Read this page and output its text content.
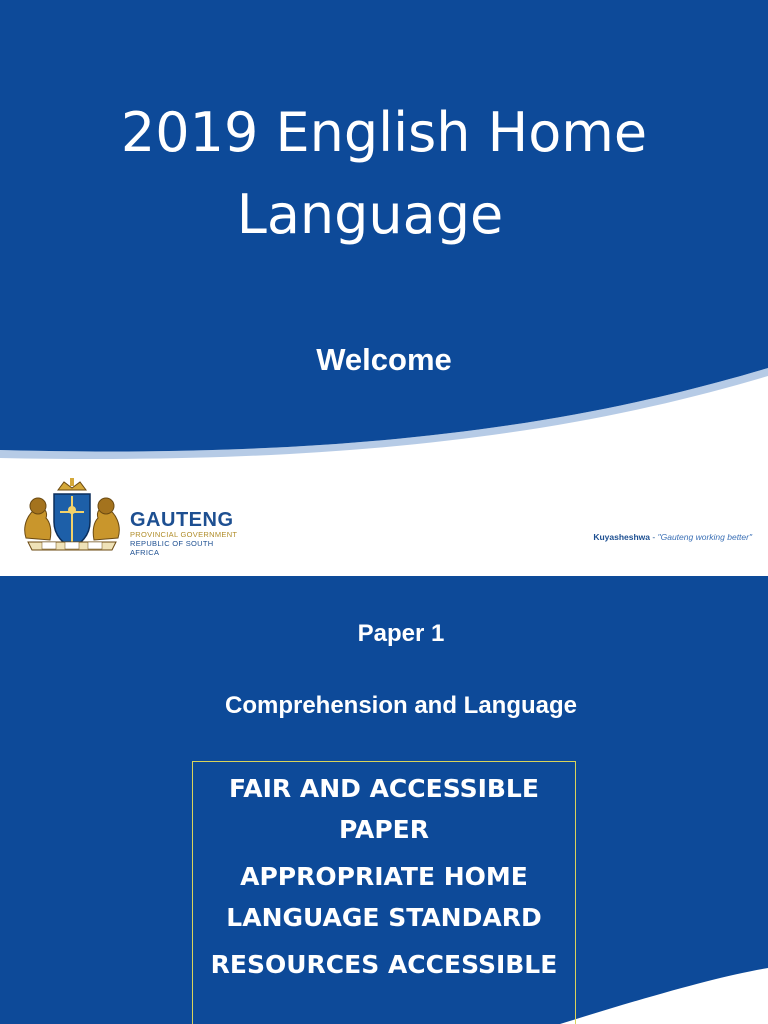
2019 English Home
Language
Welcome
GAUTENG
PROVINCIAL GOVERNMENT
REPUBLIC OF SOUTH AFRICA
Kuyasheshwa - "Gauteng working better"
Paper 1
Comprehension and Language
FAIR AND ACCESSIBLE PAPER
APPROPRIATE HOME LANGUAGE STANDARD
RESOURCES ACCESSIBLE
